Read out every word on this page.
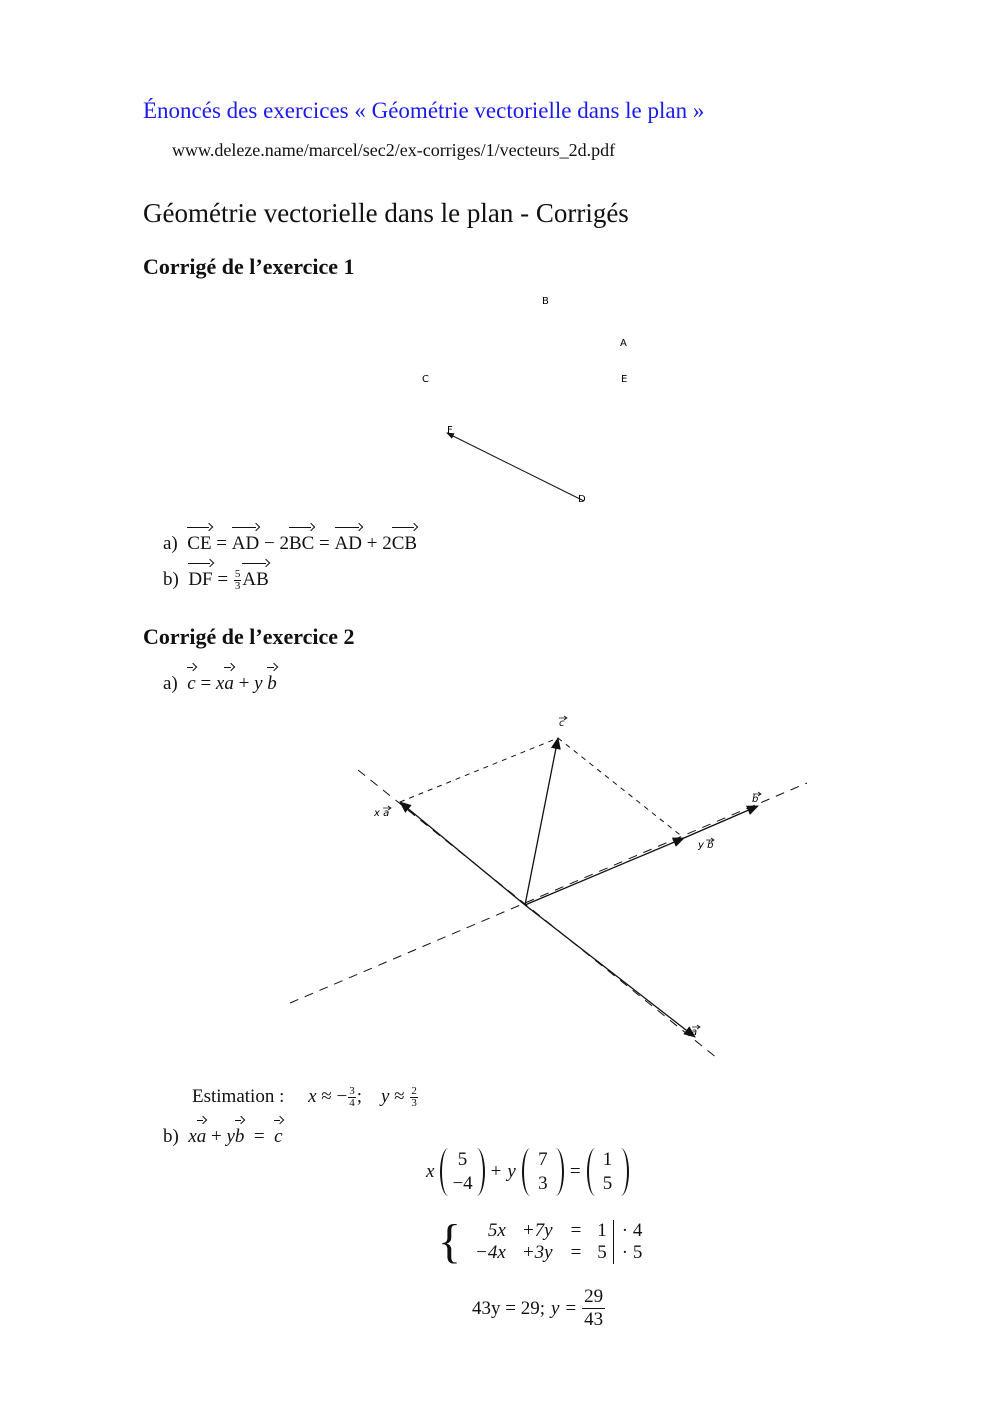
Énoncés des exercices « Géométrie vectorielle dans le plan »
www.deleze.name/marcel/sec2/ex-corriges/1/vecteurs_2d.pdf
Géométrie vectorielle dans le plan - Corrigés
Corrigé de l’exercice 1
B
A
C	E
F
D
a) CE =
AD − 2
BC =
AD + 2
CB
b) DF = $\frac{5}{3}$ AB
Corrigé de l’exercice 2
a) c = x
a + y b
c
b
a
x a
y b
Estimation : x ≈ − $\frac{3}{4}$ ;    $y \approx \frac{2}{3}$
b) x
a + y
b  =
c
x
5
−4
+ y
7
3
=
1
5
{ 5x	+7y	=	1	· 4
−4x	+3y	=	5	· 5
43y = 29; $y = \frac{29}{43}$
